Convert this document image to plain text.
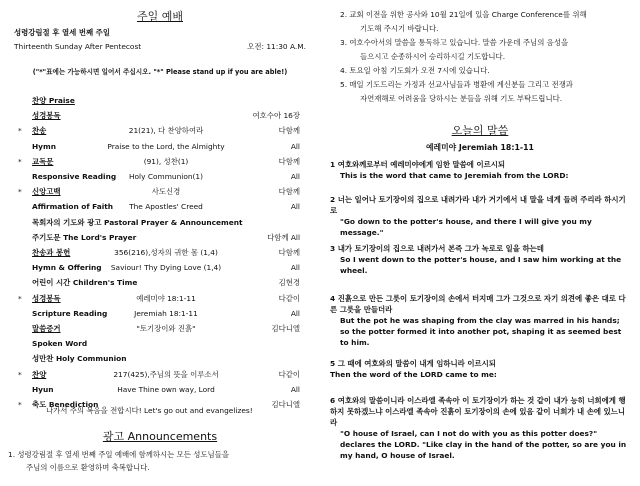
주일 예배
성령강림절 후 열세 번째 주일
Thirteenth Sunday After Pentecost	오전: 11:30 A.M.
("*"표에는 가능하시면 일어서 주십시오. "*" Please stand up if you are able!)
찬양 Praise
성경봉독	여호수아 16장
* 찬송	21(21), 다 찬양하여라	다함께
Hymn	Praise to the Lord, the Almighty	All
* 교독문	(91), 성찬(1)	다함께
Responsive Reading	Holy Communion(1)	All
* 신앙고백	사도신경	다함께
Affirmation of Faith	The Apostles' Creed	All
목회자의 기도와 광고 Pastoral Prayer & Announcement
주기도문 The Lord's Prayer	다함께 All
찬송과 봉헌	356(216),성자의 귀한 몸 (1,4)	다함께
Hymn & Offering	Saviour! Thy Dying Love (1,4)	All
어린이 시간 Children's Time	김현경
* 성경봉독	예레미야 18:1-11	다같이
Scripture Reading	Jeremiah 18:1-11	All
말씀증거	"토기장이와 진흙"	김다니엘
Spoken Word
성만찬 Holy Communion
* 찬양	217(425),주님의 뜻을 이루소서	다같이
Hyun	Have Thine own way, Lord	All
* 축도 Benediction	김다니엘
나가서 주의 복음을 전합시다! Let's go out and evangelizes!
광고 Announcements
1. 성령강림절 후 열세 번째 주일 예배에 함께하시는 모든 성도님들을
주님의 이름으로 환영하며 축복합니다.
2. 교회 이전을 위한 공사와 10월 21일에 있을 Charge Conference를 위해
기도해 주시기 바랍니다.
3. 여호수아서의 말씀을 통독하고 있습니다. 말씀 가운데 주님의 음성을
들으시고 순종하시어 승리하시길 기도합니다.
4. 토요일 아침 기도회가 오전 7시에 있습니다.
5. 매일 기도드리는 가정과 선교사님들과 병환에 계신분들 그리고 전쟁과
자연재해로 어려움을 당하시는 분들을 위해 기도 부탁드립니다.
오늘의 말씀
예레미야 Jeremiah 18:1-11

1 여호와께로부터 예레미야에게 임한 말씀에 이르시되

This is the word that came to Jeremiah from the LORD:

2 너는 일어나 토기장이의 집으로 내려가라 내가 거기에서 내 말을 네게 들려 주리라 하시기로

"Go down to the potter's house, and there I will give you my message."

3 내가 토기장이의 집으로 내려가서 본즉 그가 녹로로 일을 하는데

So I went down to the potter's house, and I saw him working at the wheel.

4 진흙으로 만든 그릇이 토기장이의 손에서 터지매 그가 그것으로 자기 의견에 좋은 대로 다른 그릇을 만들더라

But the pot he was shaping from the clay was marred in his hands; so the potter formed it into another pot, shaping it as seemed best to him.

5 그 때에 여호와의 말씀이 내게 임하니라 이르시되

Then the word of the LORD came to me:

6 여호와의 말씀이니라 이스라엘 족속아 이 토기장이가 하는 것 같이 내가 능히 너희에게 행하지 못하겠느냐 이스라엘 족속아 진흙이 토기장이의 손에 있음 같이 너희가 내 손에 있느니라

"O house of Israel, can I not do with you as this potter does?" declares the LORD. "Like clay in the hand of the potter, so are you in my hand, O house of Israel.
